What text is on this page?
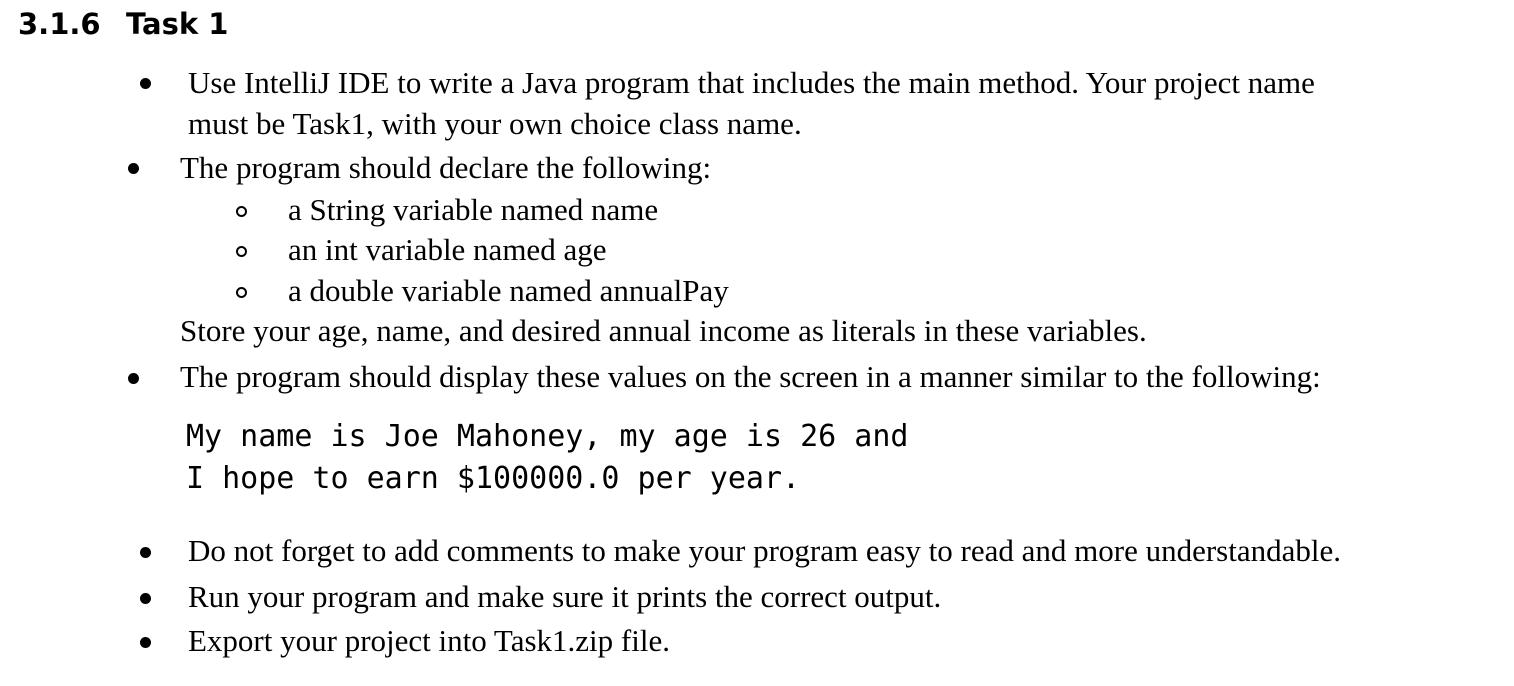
3.1.6 Task 1
Use IntelliJ IDE to write a Java program that includes the main method. Your project name
must be Task1, with your own choice class name.
The program should declare the following:
a String variable named name
an int variable named age
a double variable named annualPay
Store your age, name, and desired annual income as literals in these variables.
The program should display these values on the screen in a manner similar to the following:
My name is Joe Mahoney, my age is 26 and
I hope to earn $100000.0 per year.
Do not forget to add comments to make your program easy to read and more understandable.
Run your program and make sure it prints the correct output.
Export your project into Task1.zip file.
